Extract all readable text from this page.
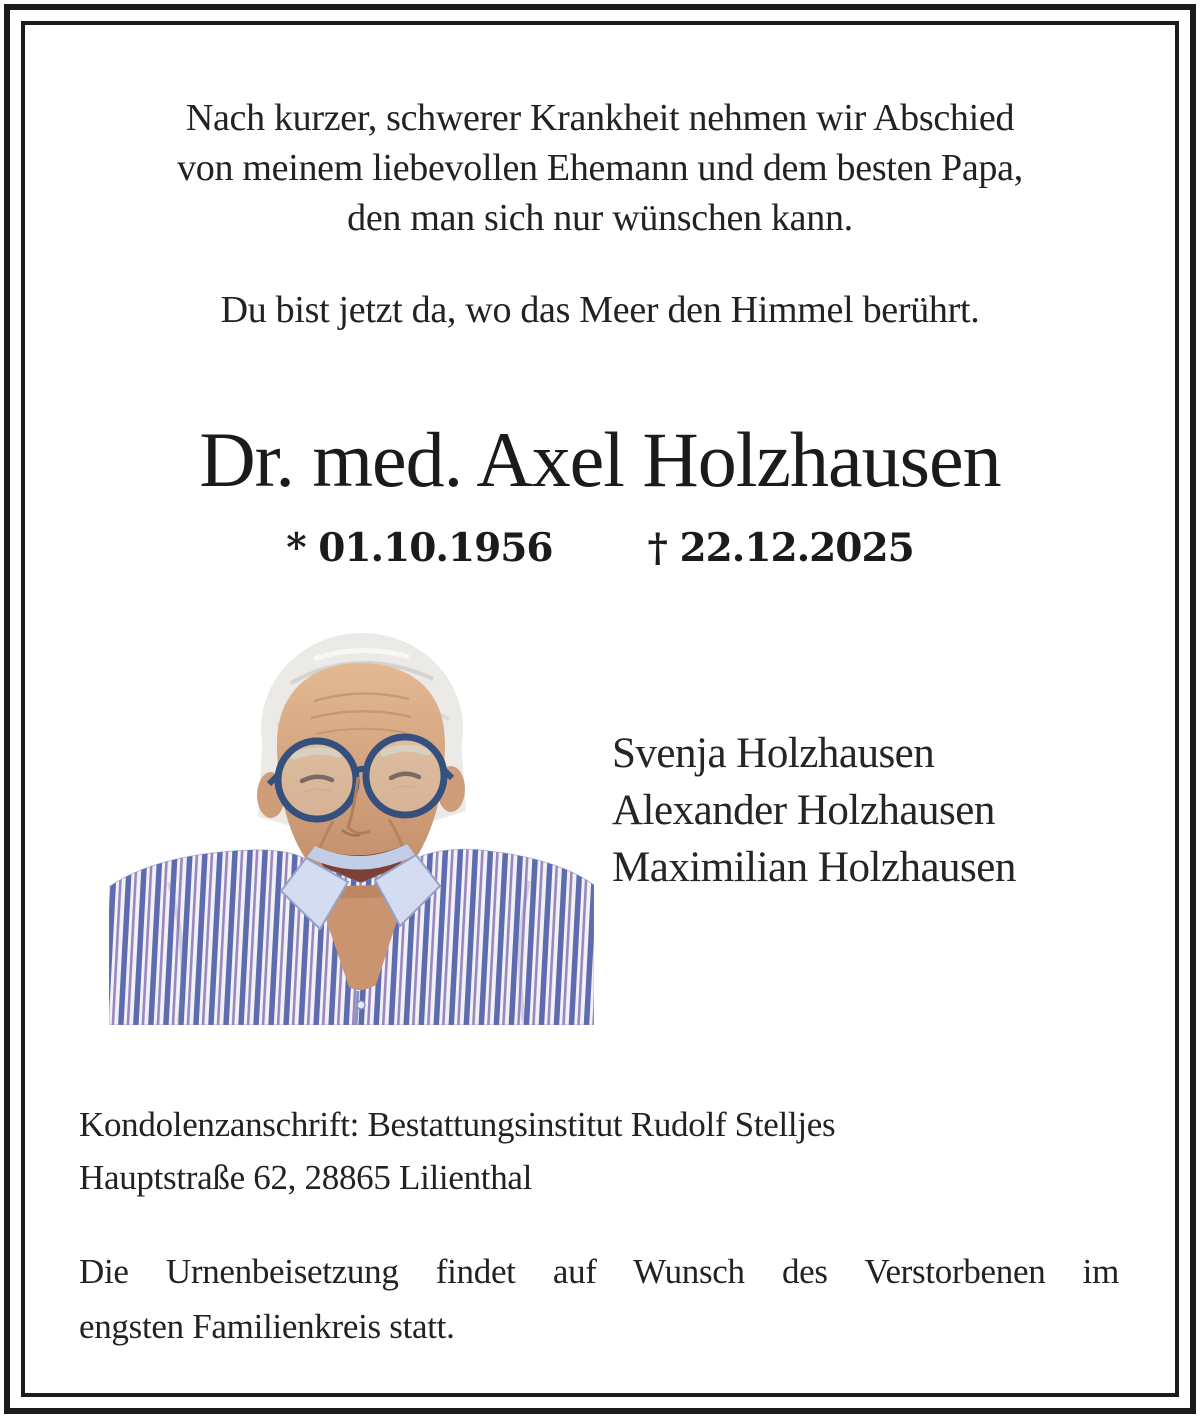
Nach kurzer, schwerer Krankheit nehmen wir Abschied
von meinem liebevollen Ehemann und dem besten Papa,
den man sich nur wünschen kann.
Du bist jetzt da, wo das Meer den Himmel berührt.
Dr. med. Axel Holzhausen
* 01.10.1956 † 22.12.2025
Svenja Holzhausen
Alexander Holzhausen
Maximilian Holzhausen
Kondolenzanschrift: Bestattungsinstitut Rudolf Stelljes
Hauptstraße 62, 28865 Lilienthal
Die Urnenbeisetzung findet auf Wunsch des Verstorbenen im
engsten Familienkreis statt.
